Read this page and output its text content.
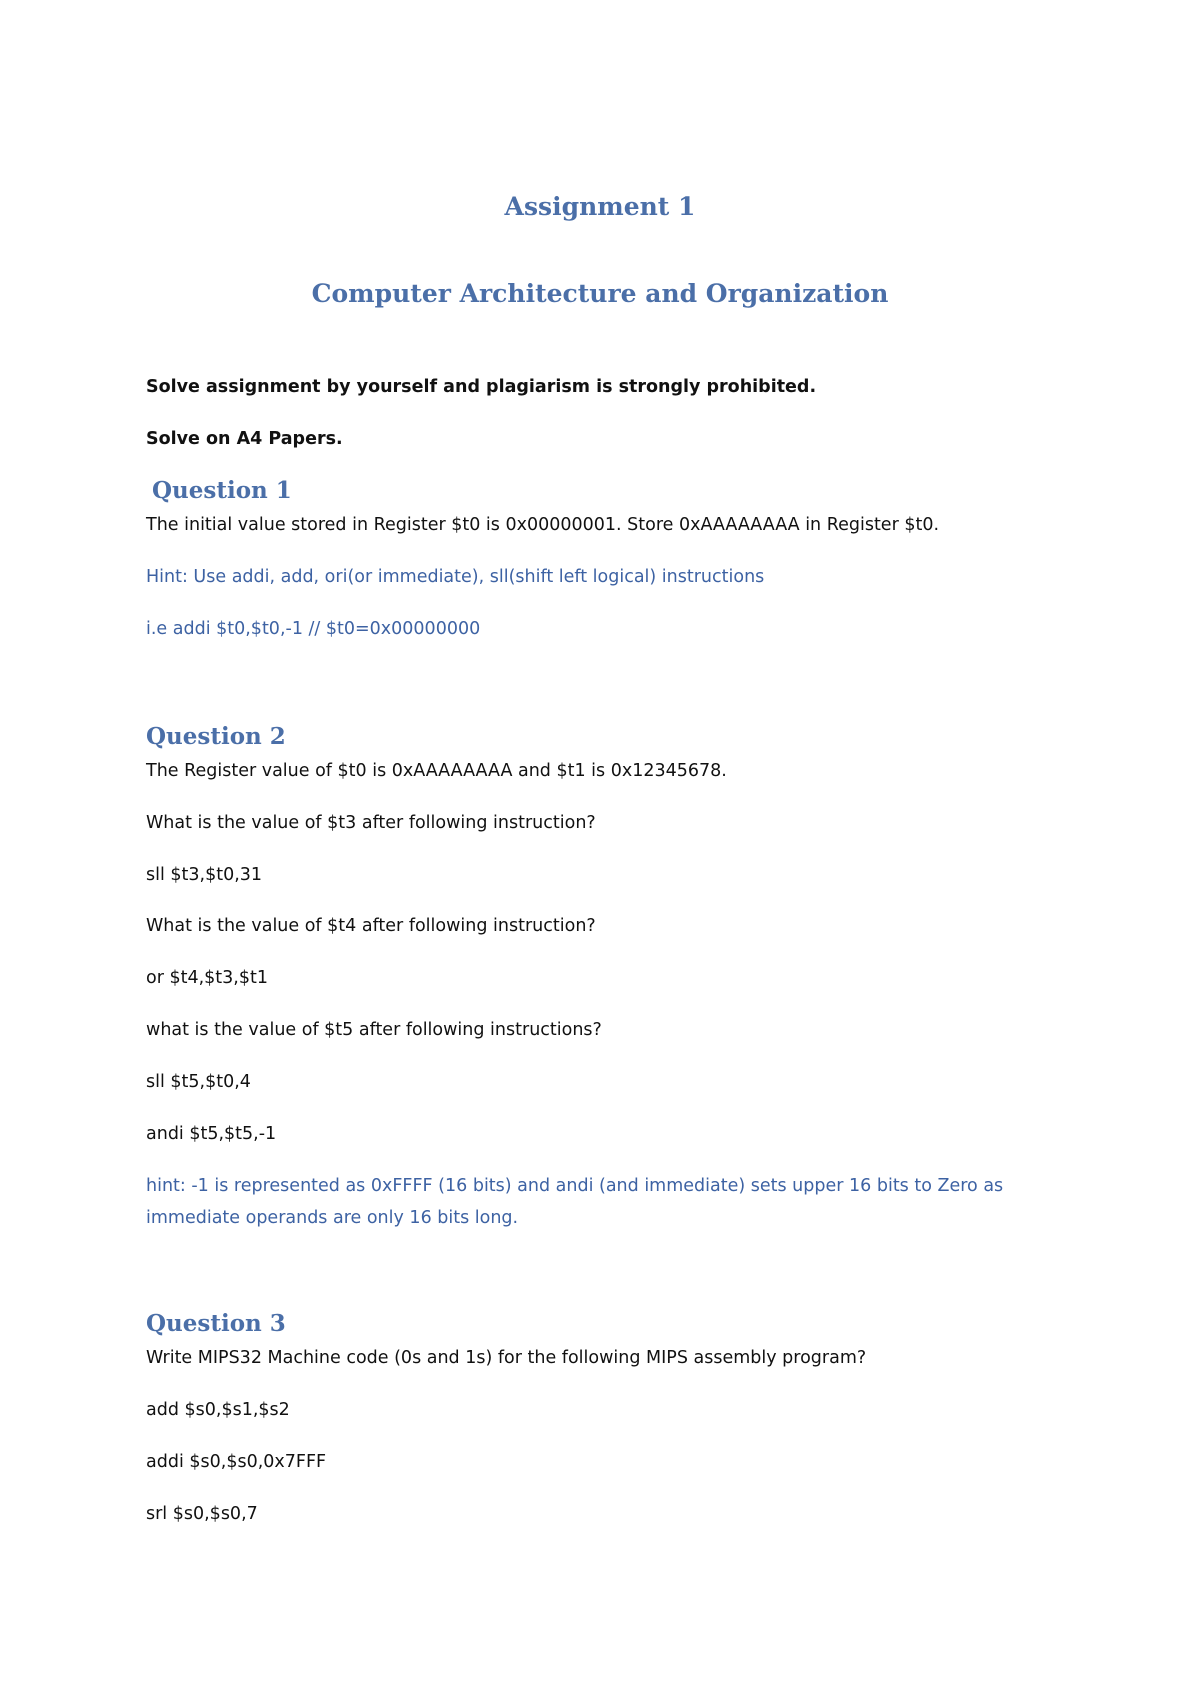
Assignment 1
Computer Architecture and Organization
Solve assignment by yourself and plagiarism is strongly prohibited.
Solve on A4 Papers.
Question 1
The initial value stored in Register $t0 is 0x00000001. Store 0xAAAAAAAA in Register $t0.
Hint: Use addi, add, ori(or immediate), sll(shift left logical) instructions
i.e addi $t0,$t0,-1 // $t0=0x00000000
Question 2
The Register value of $t0 is 0xAAAAAAAA and $t1 is 0x12345678.
What is the value of $t3 after following instruction?
sll $t3,$t0,31
What is the value of $t4 after following instruction?
or $t4,$t3,$t1
what is the value of $t5 after following instructions?
sll $t5,$t0,4
andi $t5,$t5,-1
hint: -1 is represented as 0xFFFF (16 bits) and andi (and immediate) sets upper 16 bits to Zero as immediate operands are only 16 bits long.
Question 3
Write MIPS32 Machine code (0s and 1s) for the following MIPS assembly program?
add $s0,$s1,$s2
addi $s0,$s0,0x7FFF
srl $s0,$s0,7
